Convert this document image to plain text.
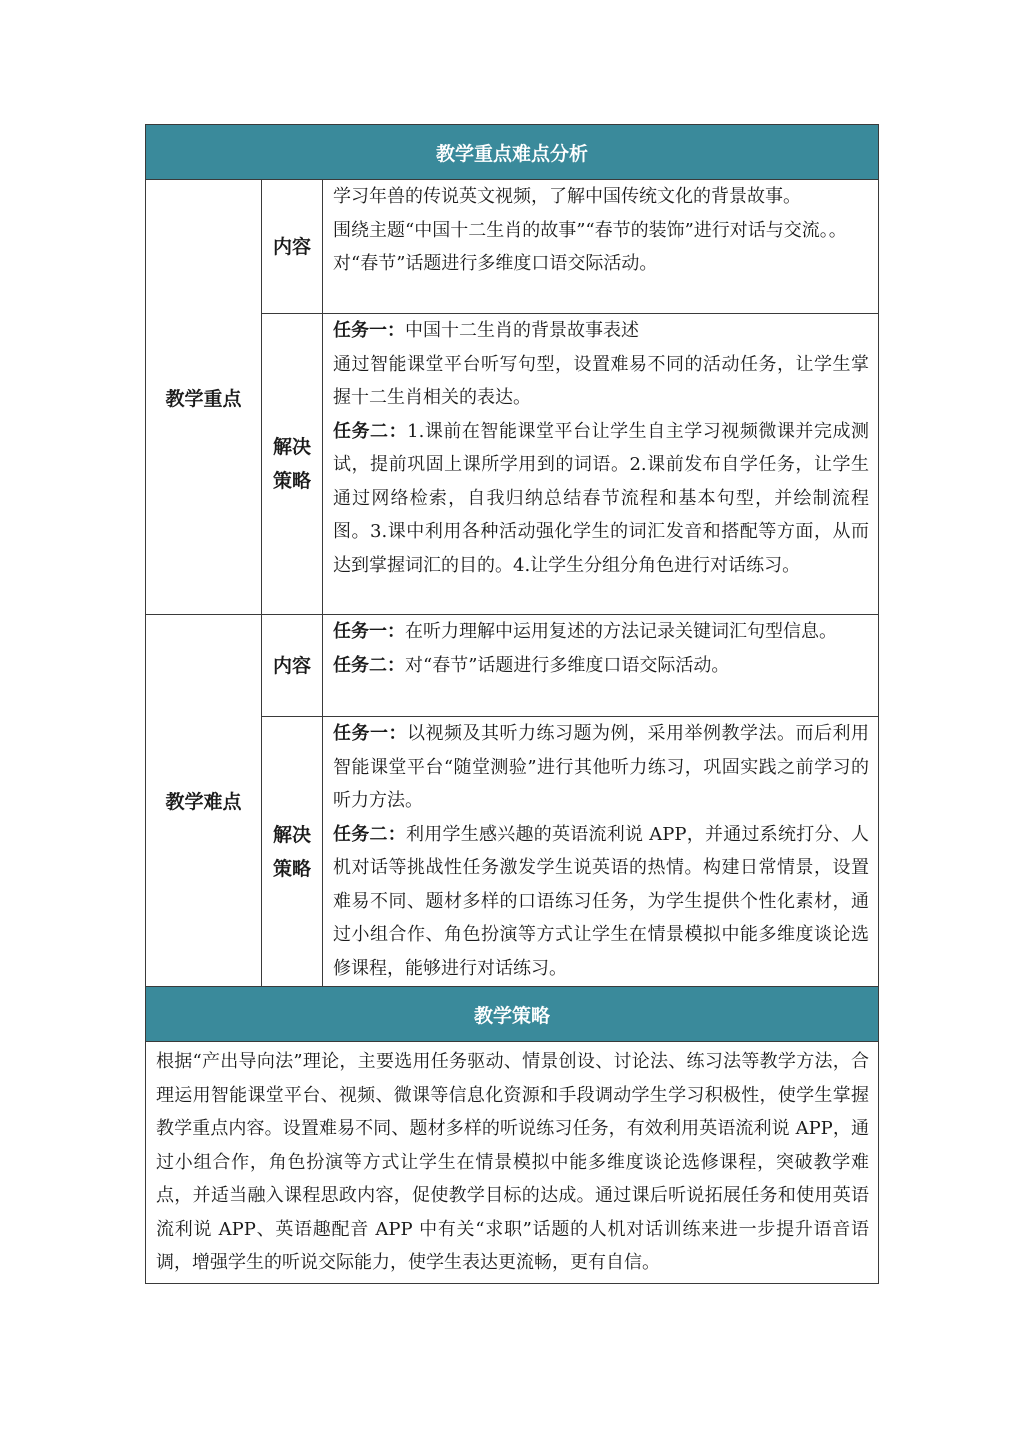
教学重点难点分析		
教学重点	内容	学习年兽的传说英文视频，了解中国传统文化的背景故事。

围绕主题“中国十二生肖的故事”“春节的装饰”进行对话与交流。。

对“春节”话题进行多维度口语交际活动。

	解决策略	任务一：中国十二生肖的背景故事表述

通过智能课堂平台听写句型，设置难易不同的活动任务，让学生掌握十二生肖相关的表达。

任务二：1.课前在智能课堂平台让学生自主学习视频微课并完成测试，提前巩固上课所学用到的词语。2.课前发布自学任务，让学生通过网络检索，自我归纳总结春节流程和基本句型，并绘制流程图。3.课中利用各种活动强化学生的词汇发音和搭配等方面，从而达到掌握词汇的目的。4.让学生分组分角色进行对话练习。

教学难点	内容	任务一：在听力理解中运用复述的方法记录关键词汇句型信息。

任务二：对“春节”话题进行多维度口语交际活动。

	解决策略	任务一：以视频及其听力练习题为例，采用举例教学法。而后利用智能课堂平台“随堂测验”进行其他听力练习，巩固实践之前学习的听力方法。

任务二：利用学生感兴趣的英语流利说 APP，并通过系统打分、人机对话等挑战性任务激发学生说英语的热情。构建日常情景，设置难易不同、题材多样的口语练习任务，为学生提供个性化素材，通过小组合作、角色扮演等方式让学生在情景模拟中能多维度谈论选修课程，能够进行对话练习。

教学策略		

根据“产出导向法”理论，主要选用任务驱动、情景创设、讨论法、练习法等教学方法，合理运用智能课堂平台、视频、微课等信息化资源和手段调动学生学习积极性，使学生掌握教学重点内容。设置难易不同、题材多样的听说练习任务，有效利用英语流利说 APP，通过小组合作，角色扮演等方式让学生在情景模拟中能多维度谈论选修课程，突破教学难点，并适当融入课程思政内容，促使教学目标的达成。通过课后听说拓展任务和使用英语流利说 APP、英语趣配音 APP 中有关“求职”话题的人机对话训练来进一步提升语音语调，增强学生的听说交际能力，使学生表达更流畅，更有自信。		
